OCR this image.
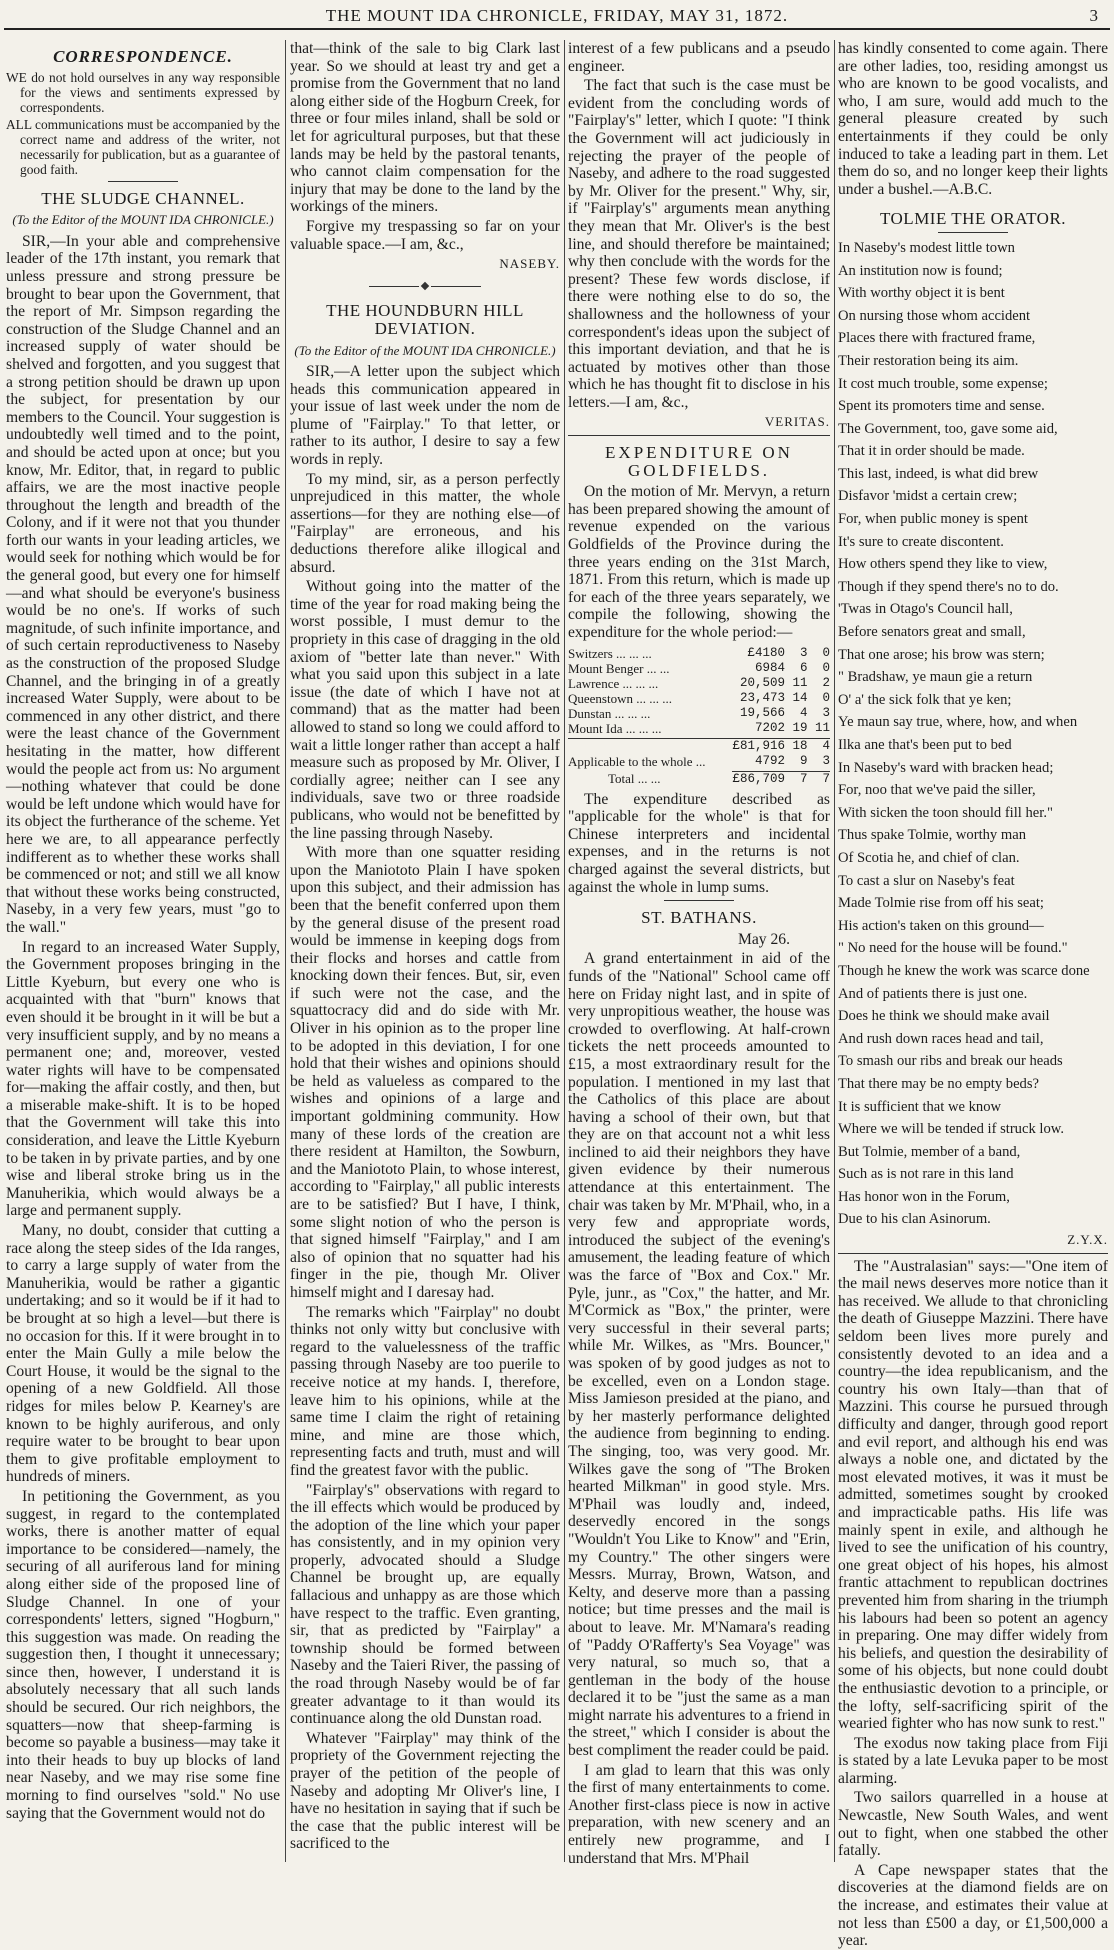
THE MOUNT IDA CHRONICLE, FRIDAY, MAY 31, 1872.	3
CORRESPONDENCE.

WE do not hold ourselves in any way responsible for the views and sentiments expressed by correspondents.

ALL communications must be accompanied by the correct name and address of the writer, not necessarily for publication, but as a guarantee of good faith.

THE SLUDGE CHANNEL.

(To the Editor of the MOUNT IDA CHRONICLE.)

SIR,—In your able and comprehensive leader of the 17th instant, you remark that unless pressure and strong pressure be brought to bear upon the Government, that the report of Mr. Simpson regarding the construction of the Sludge Channel and an increased supply of water should be shelved and forgotten, and you suggest that a strong petition should be drawn up upon the subject, for presentation by our members to the Council. Your suggestion is undoubtedly well timed and to the point, and should be acted upon at once; but you know, Mr. Editor, that, in regard to public affairs, we are the most inactive people throughout the length and breadth of the Colony, and if it were not that you thunder forth our wants in your leading articles, we would seek for nothing which would be for the general good, but every one for himself—and what should be everyone's business would be no one's. If works of such magnitude, of such infinite importance, and of such certain reproductiveness to Naseby as the construction of the proposed Sludge Channel, and the bringing in of a greatly increased Water Supply, were about to be commenced in any other district, and there were the least chance of the Government hesitating in the matter, how different would the people act from us: No argument—nothing whatever that could be done would be left undone which would have for its object the furtherance of the scheme. Yet here we are, to all appearance perfectly indifferent as to whether these works shall be commenced or not; and still we all know that without these works being constructed, Naseby, in a very few years, must "go to the wall."

In regard to an increased Water Supply, the Government proposes bringing in the Little Kyeburn, but every one who is acquainted with that "burn" knows that even should it be brought in it will be but a very insufficient supply, and by no means a permanent one; and, moreover, vested water rights will have to be compensated for—making the affair costly, and then, but a miserable make-shift. It is to be hoped that the Government will take this into consideration, and leave the Little Kyeburn to be taken in by private parties, and by one wise and liberal stroke bring us in the Manuherikia, which would always be a large and permanent supply.

Many, no doubt, consider that cutting a race along the steep sides of the Ida ranges, to carry a large supply of water from the Manuherikia, would be rather a gigantic undertaking; and so it would be if it had to be brought at so high a level—but there is no occasion for this. If it were brought in to enter the Main Gully a mile below the Court House, it would be the signal to the opening of a new Goldfield. All those ridges for miles below P. Kearney's are known to be highly auriferous, and only require water to be brought to bear upon them to give profitable employment to hundreds of miners.

In petitioning the Government, as you suggest, in regard to the contemplated works, there is another matter of equal importance to be considered—namely, the securing of all auriferous land for mining along either side of the proposed line of Sludge Channel. In one of your correspondents' letters, signed "Hogburn," this suggestion was made. On reading the suggestion then, I thought it unnecessary; since then, however, I understand it is absolutely necessary that all such lands should be secured. Our rich neighbors, the squatters—now that sheep-farming is become so payable a business—may take it into their heads to buy up blocks of land near Naseby, and we may rise some fine morning to find ourselves "sold." No use saying that the Government would not do

that—think of the sale to big Clark last year. So we should at least try and get a promise from the Government that no land along either side of the Hogburn Creek, for three or four miles inland, shall be sold or let for agricultural purposes, but that these lands may be held by the pastoral tenants, who cannot claim compensation for the injury that may be done to the land by the workings of the miners.

Forgive my trespassing so far on your valuable space.—I am, &c.,

NASEBY.

THE HOUNDBURN HILL DEVIATION.

(To the Editor of the MOUNT IDA CHRONICLE.)

SIR,—A letter upon the subject which heads this communication appeared in your issue of last week under the nom de plume of "Fairplay." To that letter, or rather to its author, I desire to say a few words in reply.

To my mind, sir, as a person perfectly unprejudiced in this matter, the whole assertions—for they are nothing else—of "Fairplay" are erroneous, and his deductions therefore alike illogical and absurd.

Without going into the matter of the time of the year for road making being the worst possible, I must demur to the propriety in this case of dragging in the old axiom of "better late than never." With what you said upon this subject in a late issue (the date of which I have not at command) that as the matter had been allowed to stand so long we could afford to wait a little longer rather than accept a half measure such as proposed by Mr. Oliver, I cordially agree; neither can I see any individuals, save two or three roadside publicans, who would not be benefitted by the line passing through Naseby.

With more than one squatter residing upon the Maniototo Plain I have spoken upon this subject, and their admission has been that the benefit conferred upon them by the general disuse of the present road would be immense in keeping dogs from their flocks and horses and cattle from knocking down their fences. But, sir, even if such were not the case, and the squattocracy did and do side with Mr. Oliver in his opinion as to the proper line to be adopted in this deviation, I for one hold that their wishes and opinions should be held as valueless as compared to the wishes and opinions of a large and important goldmining community. How many of these lords of the creation are there resident at Hamilton, the Sowburn, and the Maniototo Plain, to whose interest, according to "Fairplay," all public interests are to be satisfied? But I have, I think, some slight notion of who the person is that signed himself "Fairplay," and I am also of opinion that no squatter had his finger in the pie, though Mr. Oliver himself might and I daresay had.

The remarks which "Fairplay" no doubt thinks not only witty but conclusive with regard to the valuelessness of the traffic passing through Naseby are too puerile to receive notice at my hands. I, therefore, leave him to his opinions, while at the same time I claim the right of retaining mine, and mine are those which, representing facts and truth, must and will find the greatest favor with the public.

"Fairplay's" observations with regard to the ill effects which would be produced by the adoption of the line which your paper has consistently, and in my opinion very properly, advocated should a Sludge Channel be brought up, are equally fallacious and unhappy as are those which have respect to the traffic. Even granting, sir, that as predicted by "Fairplay" a township should be formed between Naseby and the Taieri River, the passing of the road through Naseby would be of far greater advantage to it than would its continuance along the old Dunstan road.

Whatever "Fairplay" may think of the propriety of the Government rejecting the prayer of the petition of the people of Naseby and adopting Mr Oliver's line, I have no hesitation in saying that if such be the case that the public interest will be sacrificed to the

interest of a few publicans and a pseudo engineer.

The fact that such is the case must be evident from the concluding words of "Fairplay's" letter, which I quote: "I think the Government will act judiciously in rejecting the prayer of the people of Naseby, and adhere to the road suggested by Mr. Oliver for the present." Why, sir, if "Fairplay's" arguments mean anything they mean that Mr. Oliver's is the best line, and should therefore be maintained; why then conclude with the words for the present? These few words disclose, if there were nothing else to do so, the shallowness and the hollowness of your correspondent's ideas upon the subject of this important deviation, and that he is actuated by motives other than those which he has thought fit to disclose in his letters.—I am, &c.,

VERITAS.

EXPENDITURE ON GOLDFIELDS.

On the motion of Mr. Mervyn, a return has been prepared showing the amount of revenue expended on the various Goldfields of the Province during the three years ending on the 31st March, 1871. From this return, which is made up for each of the three years separately, we compile the following, showing the expenditure for the whole period:—

Switzers ... ... ...	£4180  3  0
Mount Benger ... ...	6984  6  0
Lawrence ... ... ...	20,509 11  2
Queenstown ... ... ...	23,473 14  0
Dunstan ... ... ...	19,566  4  3
Mount Ida ... ... ...	7202 19 11
£81,916 18  4
Applicable to the whole ...	4792  9  3
Total ... ...	£86,709  7  7

The expenditure described as "applicable for the whole" is that for Chinese interpreters and incidental expenses, and in the returns is not charged against the several districts, but against the whole in lump sums.

ST. BATHANS.

May 26.

A grand entertainment in aid of the funds of the "National" School came off here on Friday night last, and in spite of very unpropitious weather, the house was crowded to overflowing. At half-crown tickets the nett proceeds amounted to £15, a most extraordinary result for the population. I mentioned in my last that the Catholics of this place are about having a school of their own, but that they are on that account not a whit less inclined to aid their neighbors they have given evidence by their numerous attendance at this entertainment. The chair was taken by Mr. M'Phail, who, in a very few and appropriate words, introduced the subject of the evening's amusement, the leading feature of which was the farce of "Box and Cox." Mr. Pyle, junr., as "Cox," the hatter, and Mr. M'Cormick as "Box," the printer, were very successful in their several parts; while Mr. Wilkes, as "Mrs. Bouncer," was spoken of by good judges as not to be excelled, even on a London stage. Miss Jamieson presided at the piano, and by her masterly performance delighted the audience from beginning to ending. The singing, too, was very good. Mr. Wilkes gave the song of "The Broken hearted Milkman" in good style. Mrs. M'Phail was loudly and, indeed, deservedly encored in the songs "Wouldn't You Like to Know" and "Erin, my Country." The other singers were Messrs. Murray, Brown, Watson, and Kelty, and deserve more than a passing notice; but time presses and the mail is about to leave. Mr. M'Namara's reading of "Paddy O'Rafferty's Sea Voyage" was very natural, so much so, that a gentleman in the body of the house declared it to be "just the same as a man might narrate his adventures to a friend in the street," which I consider is about the best compliment the reader could be paid.

I am glad to learn that this was only the first of many entertainments to come. Another first-class piece is now in active preparation, with new scenery and an entirely new programme, and I understand that Mrs. M'Phail

has kindly consented to come again. There are other ladies, too, residing amongst us who are known to be good vocalists, and who, I am sure, would add much to the general pleasure created by such entertainments if they could be only induced to take a leading part in them. Let them do so, and no longer keep their lights under a bushel.—A.B.C.

TOLMIE THE ORATOR.
In Naseby's modest little town
An institution now is found;
With worthy object it is bent
On nursing those whom accident
Places there with fractured frame,
Their restoration being its aim.
It cost much trouble, some expense;
Spent its promoters time and sense.
The Government, too, gave some aid,
That it in order should be made.
This last, indeed, is what did brew
Disfavor 'midst a certain crew;
For, when public money is spent
It's sure to create discontent.
How others spend they like to view,
Though if they spend there's no to do.
'Twas in Otago's Council hall,
Before senators great and small,
That one arose; his brow was stern;
" Bradshaw, ye maun gie a return
O' a' the sick folk that ye ken;
Ye maun say true, where, how, and when
Ilka ane that's been put to bed
In Naseby's ward with bracken head;
For, noo that we've paid the siller,
With sicken the toon should fill her."
Thus spake Tolmie, worthy man
Of Scotia he, and chief of clan.
To cast a slur on Naseby's feat
Made Tolmie rise from off his seat;
His action's taken on this ground—
" No need for the house will be found."
Though he knew the work was scarce done
And of patients there is just one.
Does he think we should make avail
And rush down races head and tail,
To smash our ribs and break our heads
That there may be no empty beds?
It is sufficient that we know
Where we will be tended if struck low.
But Tolmie, member of a band,
Such as is not rare in this land
Has honor won in the Forum,
Due to his clan Asinorum.

Z.Y.X.

The "Australasian" says:—"One item of the mail news deserves more notice than it has received. We allude to that chronicling the death of Giuseppe Mazzini. There have seldom been lives more purely and consistently devoted to an idea and a country—the idea republicanism, and the country his own Italy—than that of Mazzini. This course he pursued through difficulty and danger, through good report and evil report, and although his end was always a noble one, and dictated by the most elevated motives, it was it must be admitted, sometimes sought by crooked and impracticable paths. His life was mainly spent in exile, and although he lived to see the unification of his country, one great object of his hopes, his almost frantic attachment to republican doctrines prevented him from sharing in the triumph his labours had been so potent an agency in preparing. One may differ widely from his beliefs, and question the desirability of some of his objects, but none could doubt the enthusiastic devotion to a principle, or the lofty, self-sacrificing spirit of the wearied fighter who has now sunk to rest."

The exodus now taking place from Fiji is stated by a late Levuka paper to be most alarming.

Two sailors quarrelled in a house at Newcastle, New South Wales, and went out to fight, when one stabbed the other fatally.

A Cape newspaper states that the discoveries at the diamond fields are on the increase, and estimates their value at not less than £500 a day, or £1,500,000 a year.
